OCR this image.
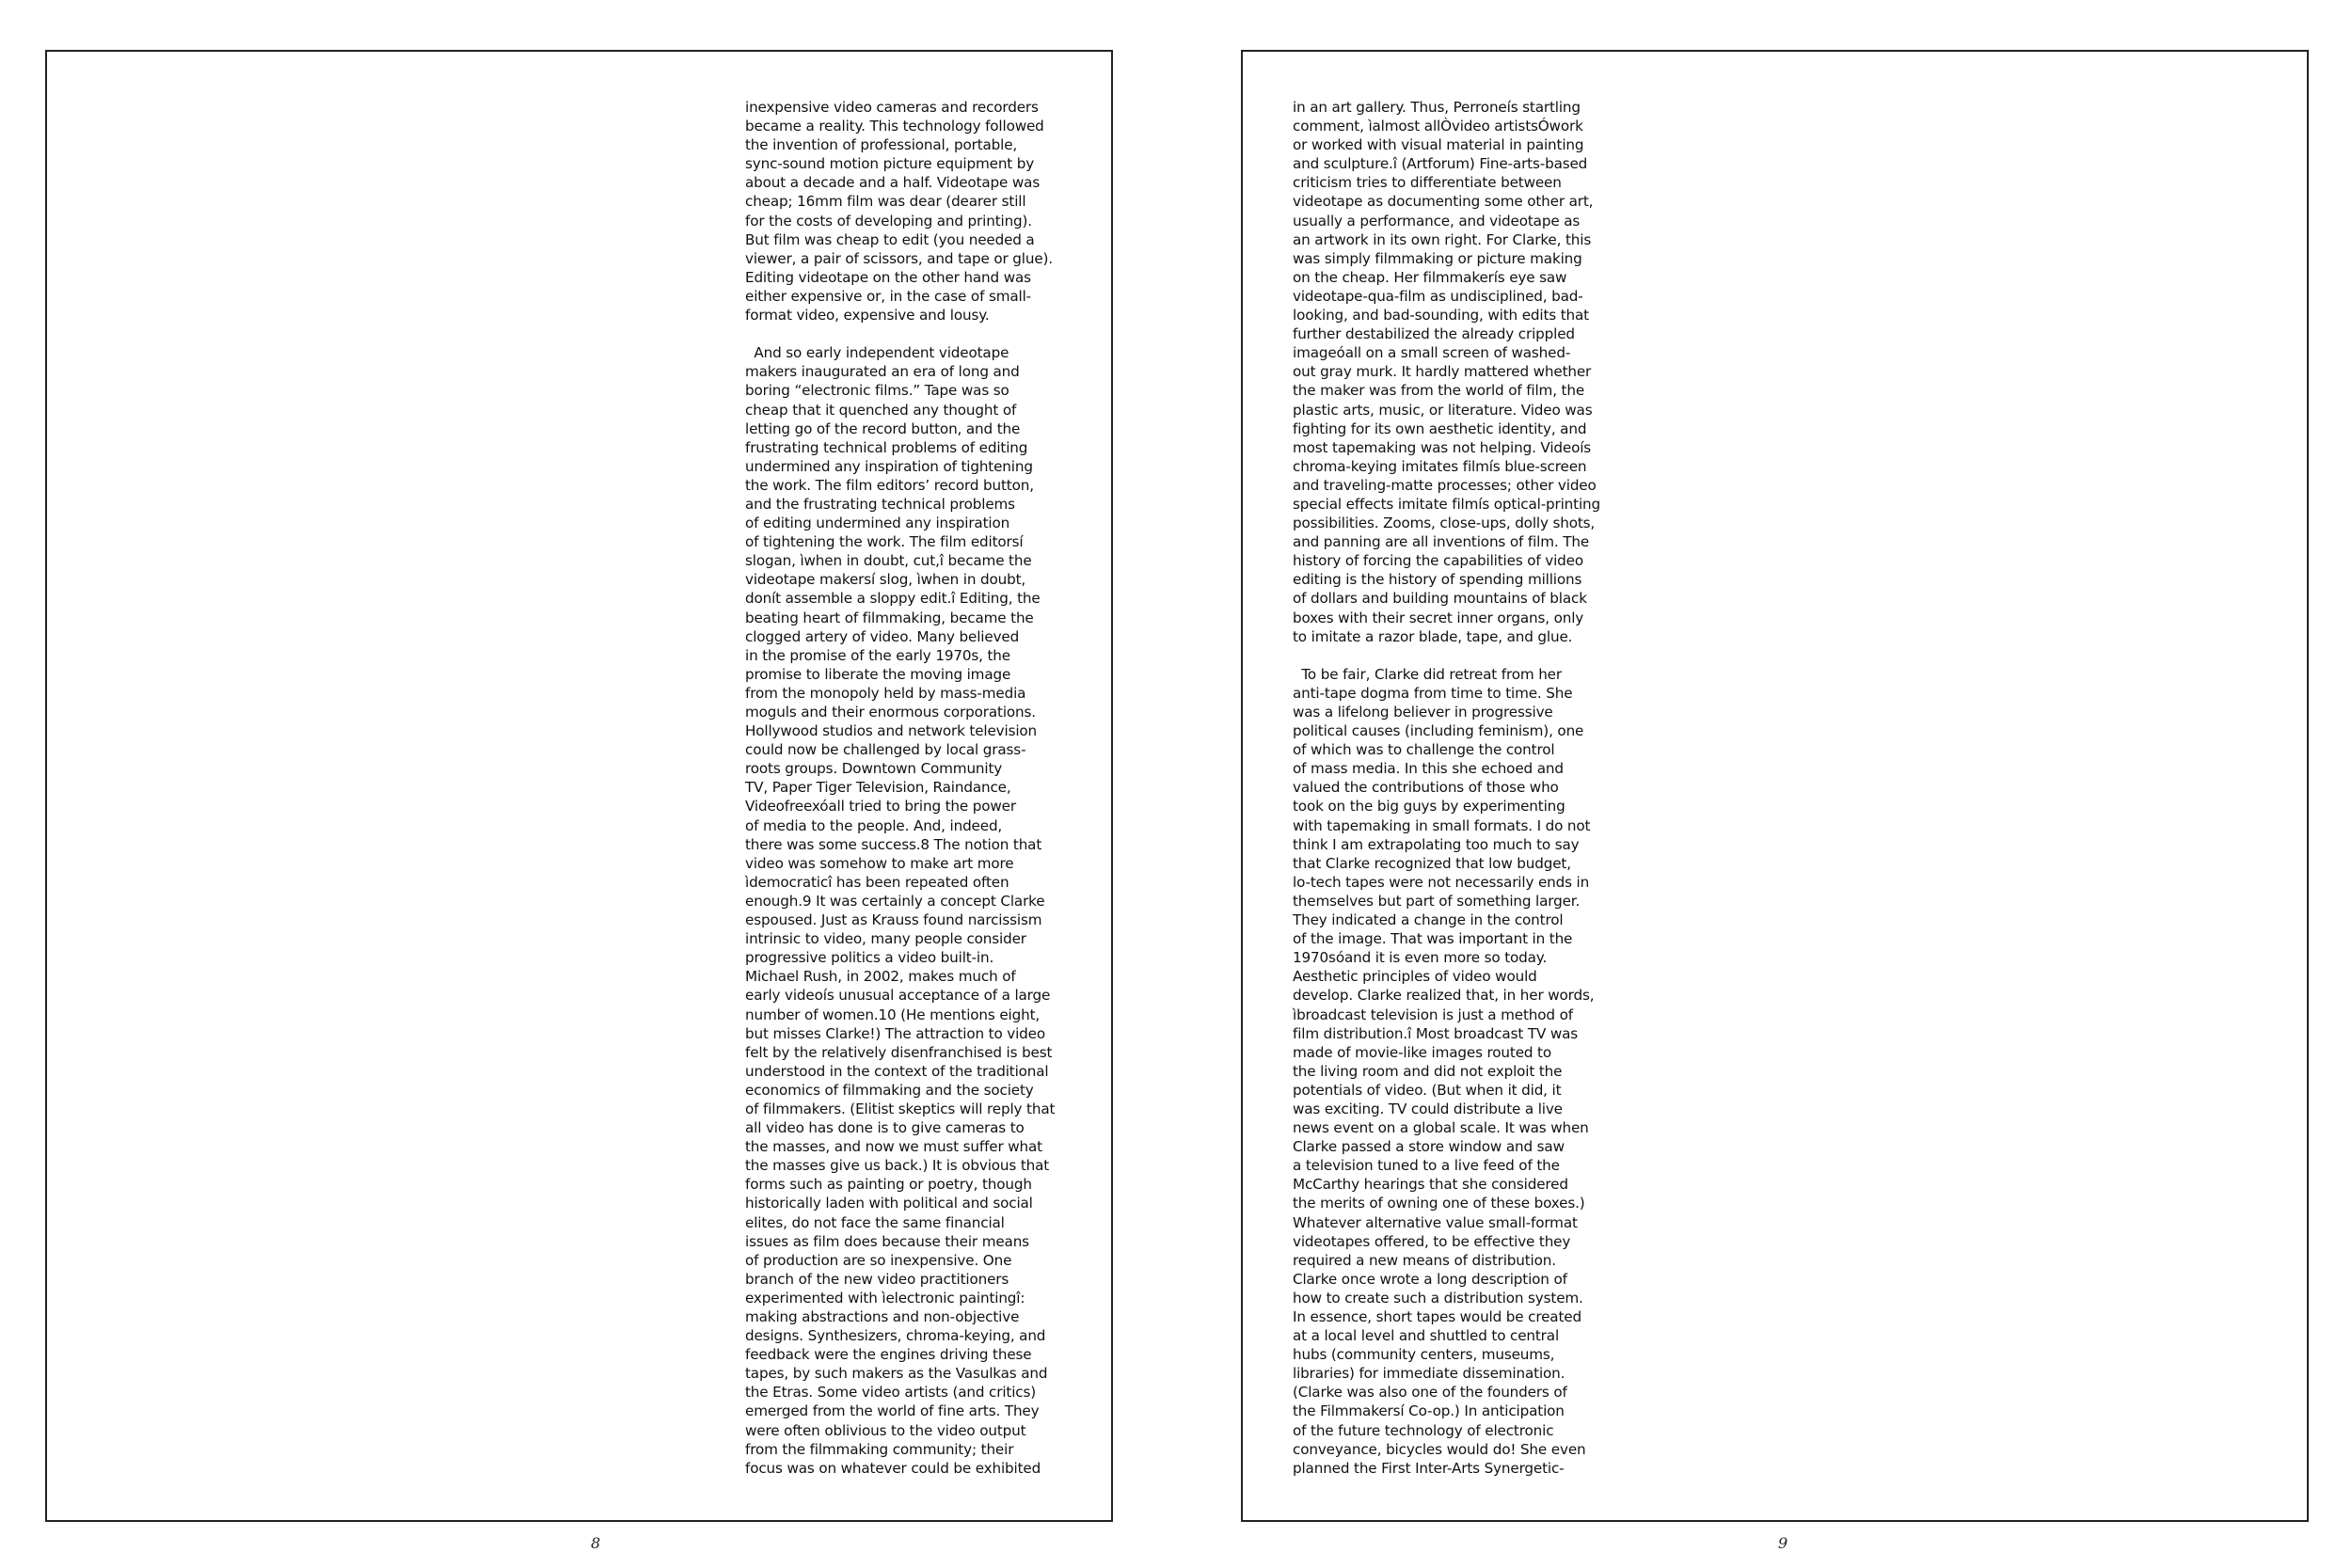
inexpensive video cameras and recorders
became a reality. This technology followed
the invention of professional, portable,
sync-sound motion picture equipment by
about a decade and a half. Videotape was
cheap; 16mm film was dear (dearer still
for the costs of developing and printing).
But film was cheap to edit (you needed a
viewer, a pair of scissors, and tape or glue).
Editing videotape on the other hand was
either expensive or, in the case of small-
format video, expensive and lousy.
And so early independent videotape
makers inaugurated an era of long and
boring “electronic films.” Tape was so
cheap that it quenched any thought of
letting go of the record button, and the
frustrating technical problems of editing
undermined any inspiration of tightening
the work. The film editors’ record button,
and the frustrating technical problems
of editing undermined any inspiration
of tightening the work. The film editorsí
slogan, ìwhen in doubt, cut,î became the
videotape makersí slog, ìwhen in doubt,
donít assemble a sloppy edit.î Editing, the
beating heart of filmmaking, became the
clogged artery of video. Many believed
in the promise of the early 1970s, the
promise to liberate the moving image
from the monopoly held by mass-media
moguls and their enormous corporations.
Hollywood studios and network television
could now be challenged by local grass-
roots groups. Downtown Community
TV, Paper Tiger Television, Raindance,
Videofreexóall tried to bring the power
of media to the people. And, indeed,
there was some success.8 The notion that
video was somehow to make art more
ìdemocraticî has been repeated often
enough.9 It was certainly a concept Clarke
espoused. Just as Krauss found narcissism
intrinsic to video, many people consider
progressive politics a video built-in.
Michael Rush, in 2002, makes much of
early videoís unusual acceptance of a large
number of women.10 (He mentions eight,
but misses Clarke!) The attraction to video
felt by the relatively disenfranchised is best
understood in the context of the traditional
economics of filmmaking and the society
of filmmakers. (Elitist skeptics will reply that
all video has done is to give cameras to
the masses, and now we must suffer what
the masses give us back.) It is obvious that
forms such as painting or poetry, though
historically laden with political and social
elites, do not face the same financial
issues as film does because their means
of production are so inexpensive. One
branch of the new video practitioners
experimented with ìelectronic paintingî:
making abstractions and non-objective
designs. Synthesizers, chroma-keying, and
feedback were the engines driving these
tapes, by such makers as the Vasulkas and
the Etras. Some video artists (and critics)
emerged from the world of fine arts. They
were often oblivious to the video output
from the filmmaking community; their
focus was on whatever could be exhibited
8
in an art gallery. Thus, Perroneís startling
comment, ìalmost allÒvideo artistsÓwork
or worked with visual material in painting
and sculpture.î (Artforum) Fine-arts-based
criticism tries to differentiate between
videotape as documenting some other art,
usually a performance, and videotape as
an artwork in its own right. For Clarke, this
was simply filmmaking or picture making
on the cheap. Her filmmakerís eye saw
videotape-qua-film as undisciplined, bad-
looking, and bad-sounding, with edits that
further destabilized the already crippled
imageóall on a small screen of washed-
out gray murk. It hardly mattered whether
the maker was from the world of film, the
plastic arts, music, or literature. Video was
fighting for its own aesthetic identity, and
most tapemaking was not helping. Videoís
chroma-keying imitates filmís blue-screen
and traveling-matte processes; other video
special effects imitate filmís optical-printing
possibilities. Zooms, close-ups, dolly shots,
and panning are all inventions of film. The
history of forcing the capabilities of video
editing is the history of spending millions
of dollars and building mountains of black
boxes with their secret inner organs, only
to imitate a razor blade, tape, and glue.
To be fair, Clarke did retreat from her
anti-tape dogma from time to time. She
was a lifelong believer in progressive
political causes (including feminism), one
of which was to challenge the control
of mass media. In this she echoed and
valued the contributions of those who
took on the big guys by experimenting
with tapemaking in small formats. I do not
think I am extrapolating too much to say
that Clarke recognized that low budget,
lo-tech tapes were not necessarily ends in
themselves but part of something larger.
They indicated a change in the control
of the image. That was important in the
1970sóand it is even more so today.
Aesthetic principles of video would
develop. Clarke realized that, in her words,
ìbroadcast television is just a method of
film distribution.î Most broadcast TV was
made of movie-like images routed to
the living room and did not exploit the
potentials of video. (But when it did, it
was exciting. TV could distribute a live
news event on a global scale. It was when
Clarke passed a store window and saw
a television tuned to a live feed of the
McCarthy hearings that she considered
the merits of owning one of these boxes.)
Whatever alternative value small-format
videotapes offered, to be effective they
required a new means of distribution.
Clarke once wrote a long description of
how to create such a distribution system.
In essence, short tapes would be created
at a local level and shuttled to central
hubs (community centers, museums,
libraries) for immediate dissemination.
(Clarke was also one of the founders of
the Filmmakersí Co-op.) In anticipation
of the future technology of electronic
conveyance, bicycles would do! She even
planned the First Inter-Arts Synergetic-
9
